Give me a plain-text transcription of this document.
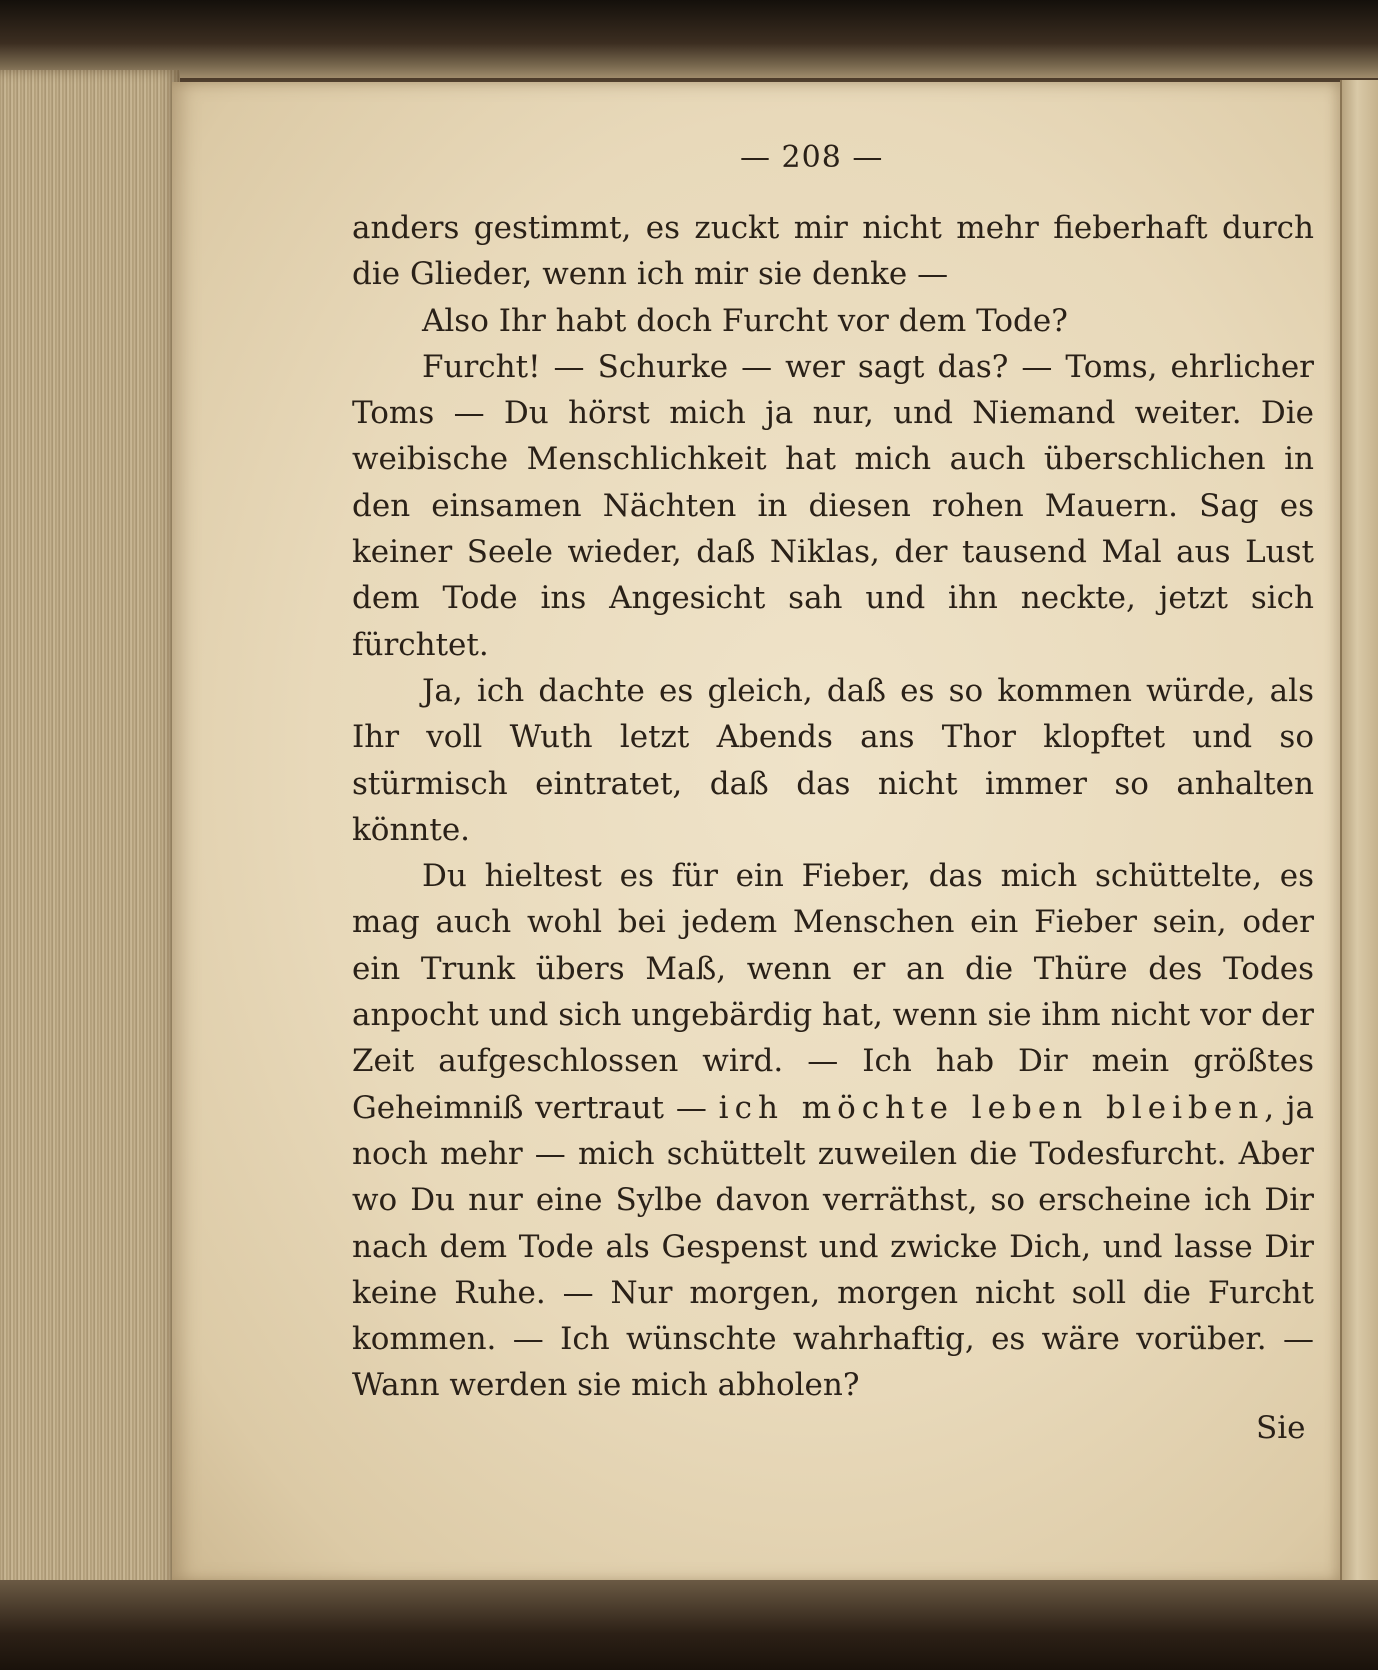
— 208 —

anders gestimmt, es zuckt mir nicht mehr fieberhaft durch die Glieder, wenn ich mir sie denke —

Also Ihr habt doch Furcht vor dem Tode?

Furcht! — Schurke — wer sagt das? — Toms, ehrlicher Toms — Du hörst mich ja nur, und Niemand weiter. Die weibische Menschlichkeit hat mich auch überschlichen in den einsamen Nächten in diesen rohen Mauern. Sag es keiner Seele wieder, daß Niklas, der tausend Mal aus Lust dem Tode ins Angesicht sah und ihn neckte, jetzt sich fürchtet.

Ja, ich dachte es gleich, daß es so kommen würde, als Ihr voll Wuth letzt Abends ans Thor klopftet und so stürmisch eintratet, daß das nicht immer so anhalten könnte.

Du hieltest es für ein Fieber, das mich schüttelte, es mag auch wohl bei jedem Menschen ein Fieber sein, oder ein Trunk übers Maß, wenn er an die Thüre des Todes anpocht und sich ungebärdig hat, wenn sie ihm nicht vor der Zeit aufgeschlossen wird. — Ich hab Dir mein größtes Geheimniß vertraut — ich möchte leben bleiben, ja noch mehr — mich schüttelt zuweilen die Todesfurcht. Aber wo Du nur eine Sylbe davon verräthst, so erscheine ich Dir nach dem Tode als Gespenst und zwicke Dich, und lasse Dir keine Ruhe. — Nur morgen, morgen nicht soll die Furcht kommen. — Ich wünschte wahrhaftig, es wäre vorüber. — Wann werden sie mich abholen?

Sie
